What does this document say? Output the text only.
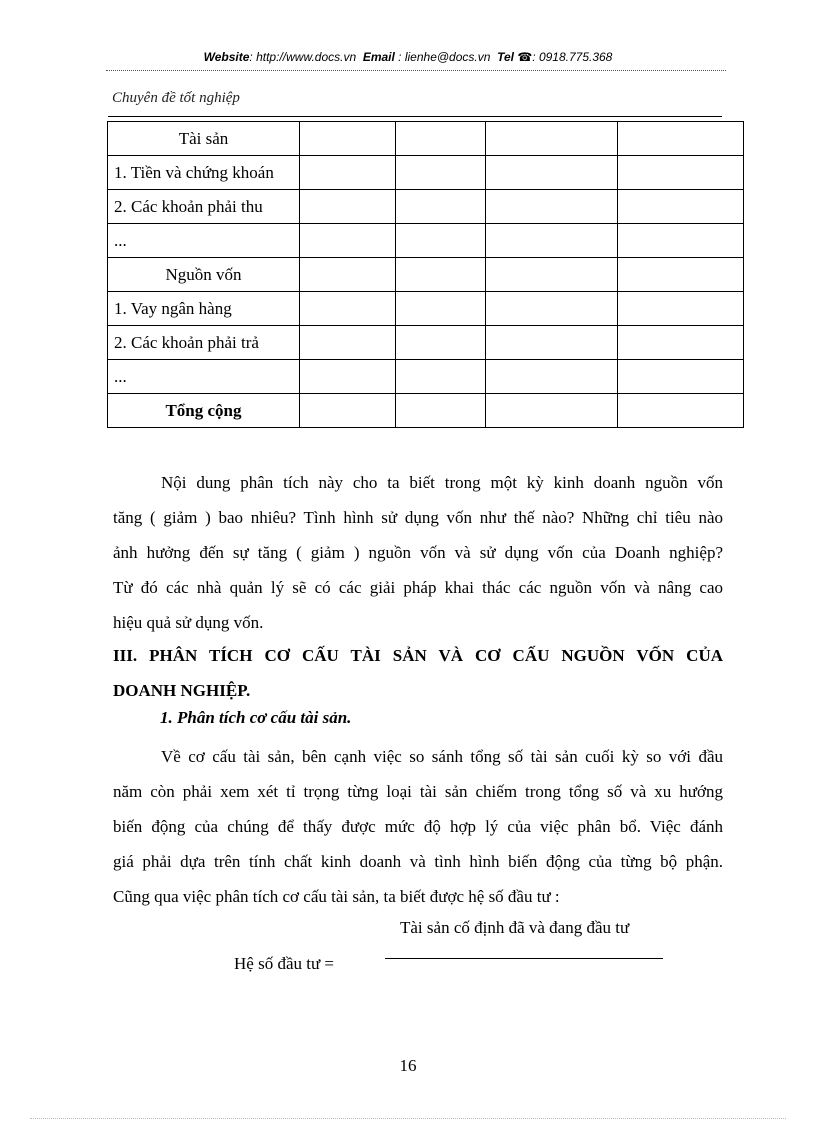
Website: http://www.docs.vn Email : lienhe@docs.vn Tel ☎: 0918.775.368
Chuyên đề tốt nghiệp
Tài sản				
1. Tiền và chứng khoán				
2. Các khoản phải thu				
...				
Nguồn vốn				
1. Vay ngân hàng				
2. Các khoản phải trả				
...				
Tổng cộng				
Nội dung phân tích này cho ta biết trong một kỳ kinh doanh nguồn vốn
tăng ( giảm ) bao nhiêu? Tình hình sử dụng vốn như thế nào? Những chỉ tiêu nào
ảnh hưởng đến sự tăng ( giảm ) nguồn vốn và sử dụng vốn của Doanh nghiệp?
Từ đó các nhà quản lý sẽ có các giải pháp khai thác các nguồn vốn và nâng cao
hiệu quả sử dụng vốn.
III. PHÂN TÍCH CƠ CẤU TÀI SẢN VÀ CƠ CẤU NGUỒN VỐN CỦA
DOANH NGHIỆP.
1. Phân tích cơ cấu tài sản.
Về cơ cấu tài sản, bên cạnh việc so sánh tổng số tài sản cuối kỳ so với đầu
năm còn phải xem xét tỉ trọng từng loại tài sản chiếm trong tổng số và xu hướng
biến động của chúng để thấy được mức độ hợp lý của việc phân bổ. Việc đánh
giá phải dựa trên tính chất kinh doanh và tình hình biến động của từng bộ phận.
Cũng qua việc phân tích cơ cấu tài sản, ta biết được hệ số đầu tư :
Tài sản cố định đã và đang đầu tư
Hệ số đầu tư =
16
